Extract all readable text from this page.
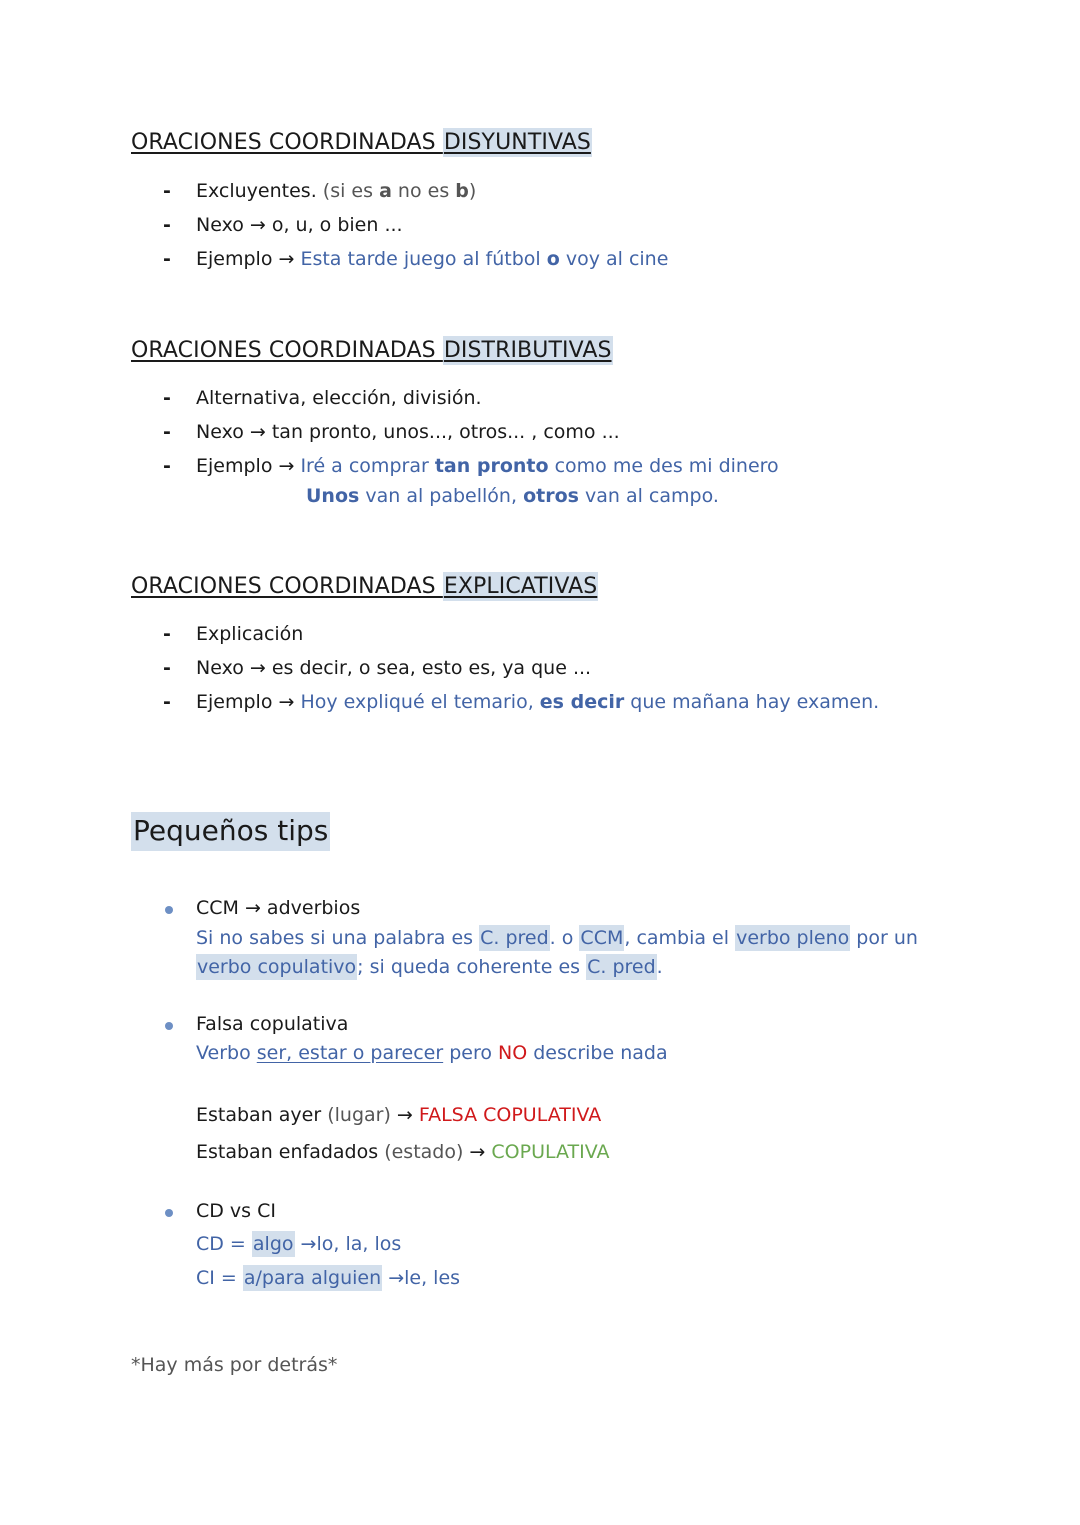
ORACIONES COORDINADAS DISYUNTIVAS
- Excluyentes. (si es a no es b)
- Nexo → o, u, o bien ...
- Ejemplo → Esta tarde juego al fútbol o voy al cine
ORACIONES COORDINADAS DISTRIBUTIVAS
- Alternativa, elección, división.
- Nexo → tan pronto, unos..., otros... , como ...
- Ejemplo → Iré a comprar tan pronto como me des mi dinero
Unos van al pabellón, otros van al campo.
ORACIONES COORDINADAS EXPLICATIVAS
- Explicación
- Nexo → es decir, o sea, esto es, ya que ...
- Ejemplo → Hoy expliqué el temario, es decir que mañana hay examen.
Pequeños tips
CCM → adverbios
Si no sabes si una palabra es C. pred. o CCM, cambia el verbo pleno por un
verbo copulativo; si queda coherente es C. pred.
Falsa copulativa
Verbo ser, estar o parecer pero NO describe nada
Estaban ayer (lugar) → FALSA COPULATIVA
Estaban enfadados (estado) → COPULATIVA
CD vs CI
CD = algo →lo, la, los
CI = a/para alguien →le, les
*Hay más por detrás*
